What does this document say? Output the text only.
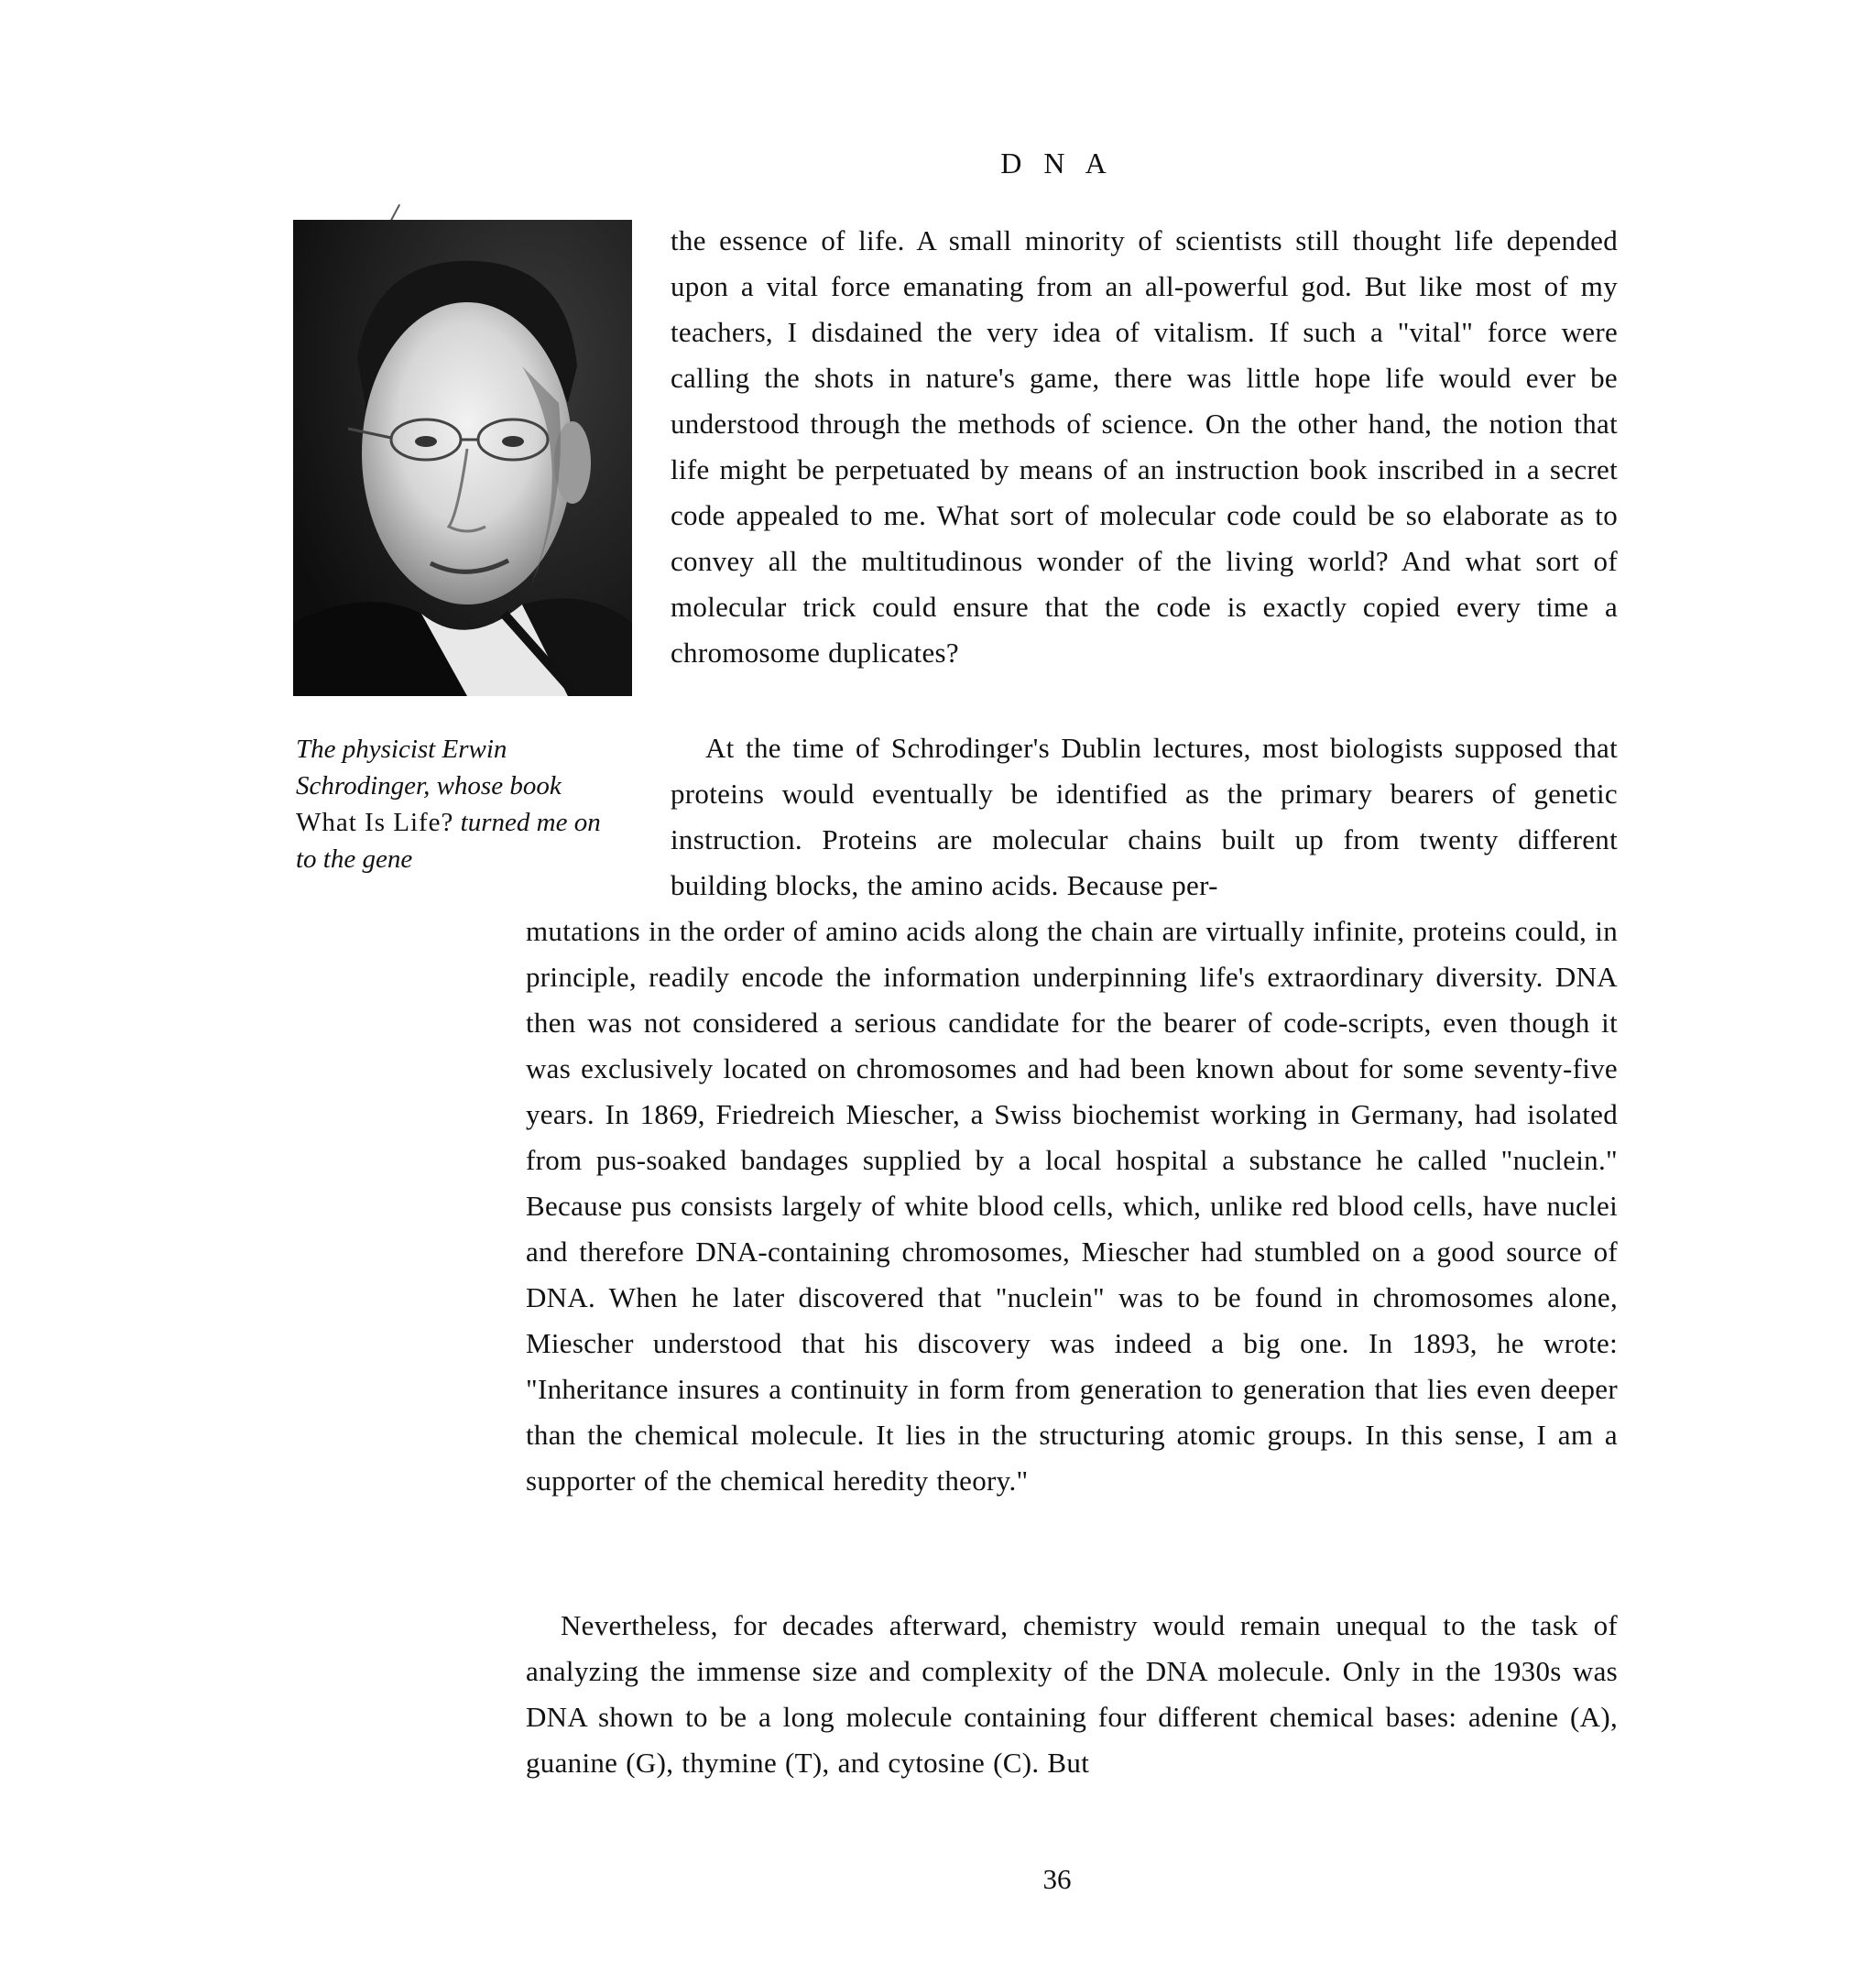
D N A
The physicist Erwin Schrodinger, whose book What Is Life? turned me on to the gene

the essence of life. A small minority of scientists still thought life depended upon a vital force emanating from an all-powerful god. But like most of my teachers, I disdained the very idea of vitalism. If such a "vital" force were calling the shots in nature's game, there was little hope life would ever be understood through the methods of science. On the other hand, the notion that life might be perpetuated by means of an instruction book inscribed in a secret code appealed to me. What sort of molecular code could be so elaborate as to convey all the multitudinous wonder of the living world? And what sort of molecular trick could ensure that the code is exactly copied every time a chromosome duplicates?

At the time of Schrodinger's Dublin lectures, most biologists supposed that proteins would eventually be identified as the primary bearers of genetic instruction. Proteins are molecular chains built up from twenty different building blocks, the amino acids. Because per-

mutations in the order of amino acids along the chain are virtually infinite, proteins could, in principle, readily encode the information underpinning life's extraordinary diversity. DNA then was not considered a serious candidate for the bearer of code-scripts, even though it was exclusively located on chromosomes and had been known about for some seventy-five years. In 1869, Friedreich Miescher, a Swiss biochemist working in Germany, had isolated from pus-soaked bandages supplied by a local hospital a substance he called "nuclein." Because pus consists largely of white blood cells, which, unlike red blood cells, have nuclei and therefore DNA-containing chromosomes, Miescher had stumbled on a good source of DNA. When he later discovered that "nuclein" was to be found in chromosomes alone, Miescher understood that his discovery was indeed a big one. In 1893, he wrote: "Inheritance insures a continuity in form from generation to generation that lies even deeper than the chemical molecule. It lies in the structuring atomic groups. In this sense, I am a supporter of the chemical heredity theory."

Nevertheless, for decades afterward, chemistry would remain unequal to the task of analyzing the immense size and complexity of the DNA molecule. Only in the 1930s was DNA shown to be a long molecule containing four different chemical bases: adenine (A), guanine (G), thymine (T), and cytosine (C). But

36
